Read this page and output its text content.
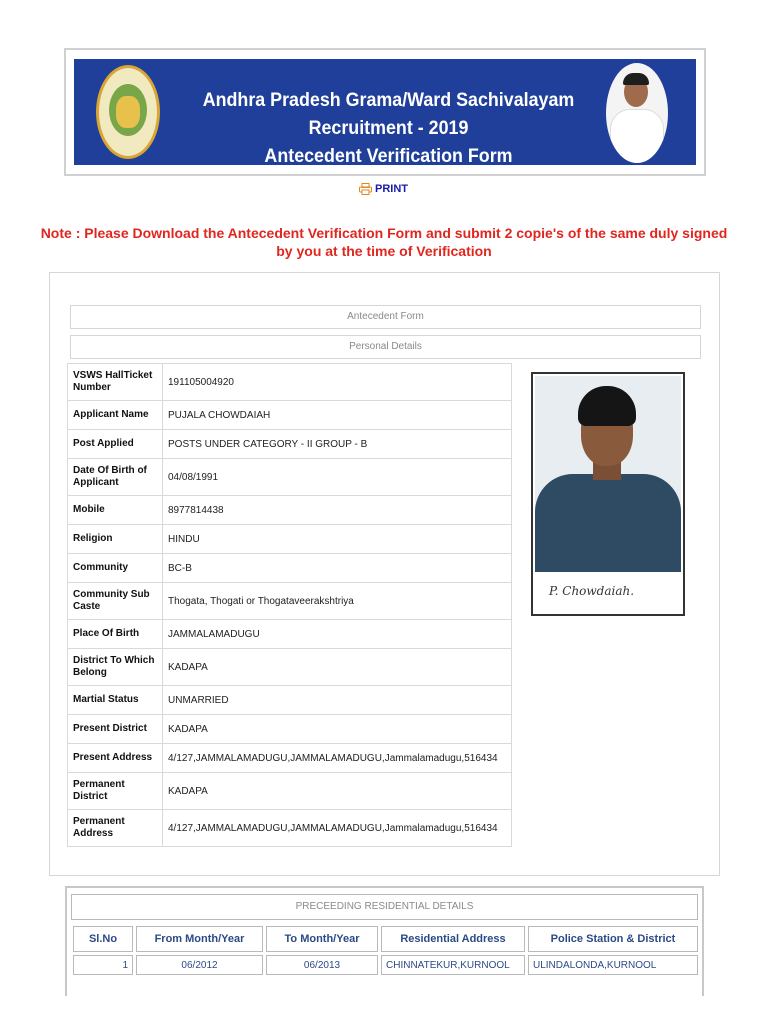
Andhra Pradesh Grama/Ward Sachivalayam Recruitment - 2019
Antecedent Verification Form
PRINT
Note : Please Download the Antecedent Verification Form and submit 2 copie's of the same duly signed by you at the time of Verification
Antecedent Form
Personal Details
VSWS HallTicket Number	191105004920
Applicant Name	PUJALA CHOWDAIAH
Post Applied	POSTS UNDER CATEGORY - II GROUP - B
Date Of Birth of Applicant	04/08/1991
Mobile	8977814438
Religion	HINDU
Community	BC-B
Community Sub Caste	Thogata, Thogati or Thogataveerakshtriya
Place Of Birth	JAMMALAMADUGU
District To Which Belong	KADAPA
Martial Status	UNMARRIED
Present District	KADAPA
Present Address	4/127,JAMMALAMADUGU,JAMMALAMADUGU,Jammalamadugu,516434
Permanent District	KADAPA
Permanent Address	4/127,JAMMALAMADUGU,JAMMALAMADUGU,Jammalamadugu,516434
P. Chowdaiah.
PRECEEDING RESIDENTIAL DETAILS
Sl.No	From Month/Year	To Month/Year	Residential Address	Police Station & District
1	06/2012	06/2013	CHINNATEKUR,KURNOOL	ULINDALONDA,KURNOOL
